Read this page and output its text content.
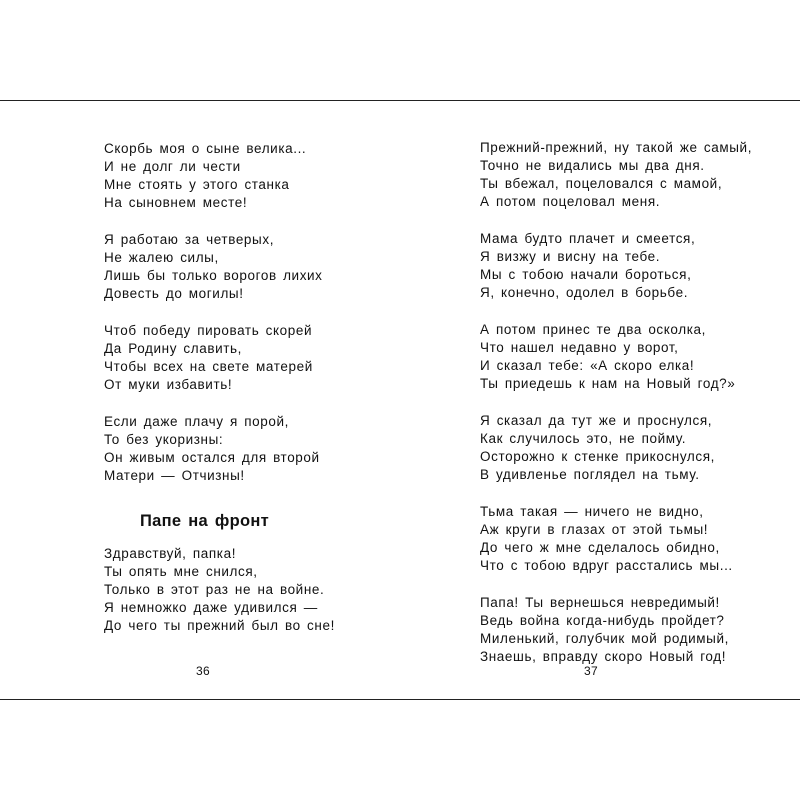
Скорбь моя о сыне велика...
И не долг ли чести
Мне стоять у этого станка
На сыновнем месте!
Я работаю за четверых,
Не жалею силы,
Лишь бы только ворогов лихих
Довесть до могилы!
Чтоб победу пировать скорей
Да Родину славить,
Чтобы всех на свете матерей
От муки избавить!
Если даже плачу я порой,
То без укоризны:
Он живым остался для второй
Матери — Отчизны!
Папе на фронт
Здравствуй, папка!
Ты опять мне снился,
Только в этот раз не на войне.
Я немножко даже удивился —
До чего ты прежний был во сне!
36
Прежний-прежний, ну такой же самый,
Точно не видались мы два дня.
Ты вбежал, поцеловался с мамой,
А потом поцеловал меня.
Мама будто плачет и смеется,
Я визжу и висну на тебе.
Мы с тобою начали бороться,
Я, конечно, одолел в борьбе.
А потом принес те два осколка,
Что нашел недавно у ворот,
И сказал тебе: «А скоро елка!
Ты приедешь к нам на Новый год?»
Я сказал да тут же и проснулся,
Как случилось это, не пойму.
Осторожно к стенке прикоснулся,
В удивленье поглядел на тьму.
Тьма такая — ничего не видно,
Аж круги в глазах от этой тьмы!
До чего ж мне сделалось обидно,
Что с тобою вдруг расстались мы...
Папа! Ты вернешься невредимый!
Ведь война когда-нибудь пройдет?
Миленький, голубчик мой родимый,
Знаешь, вправду скоро Новый год!
37
